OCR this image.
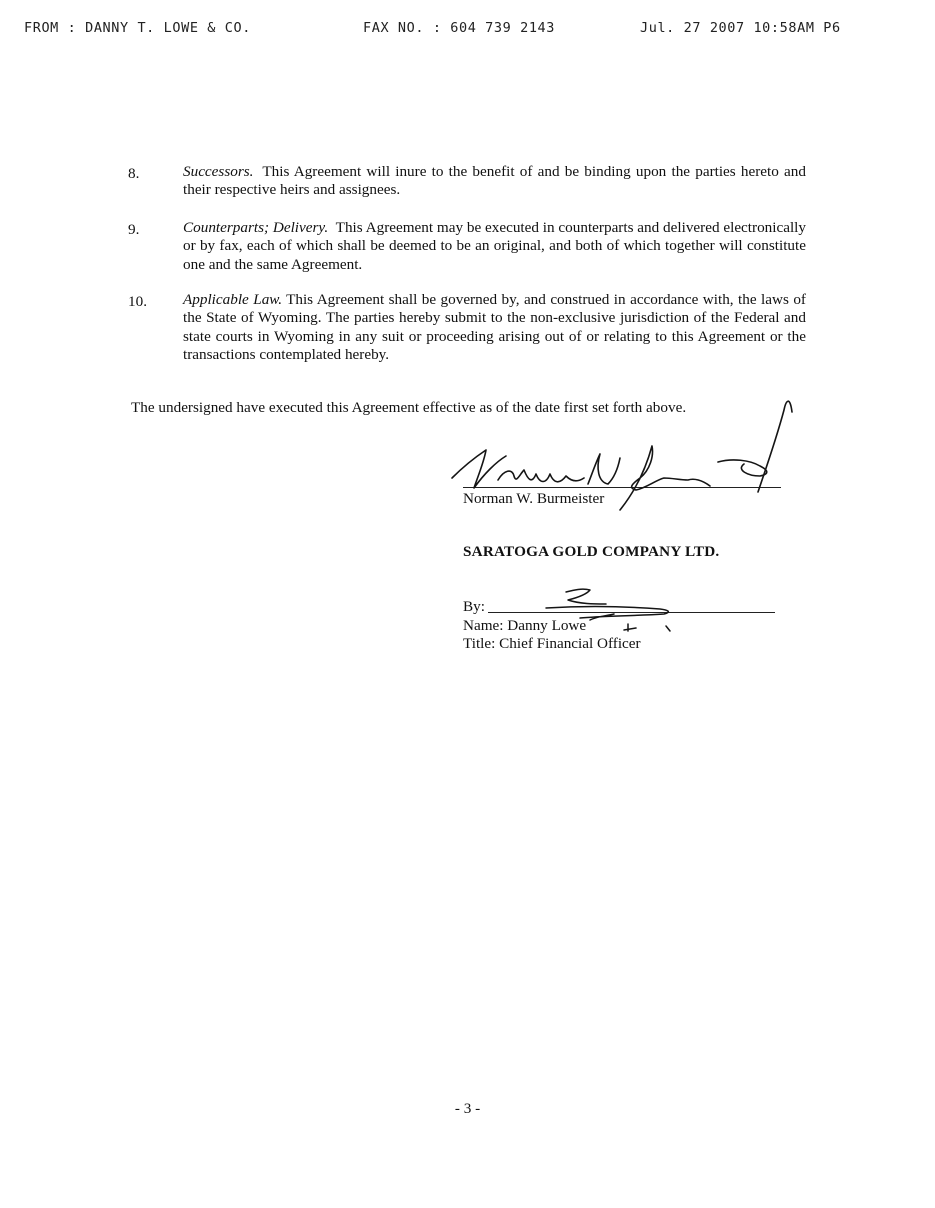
FROM : DANNY T. LOWE & CO.	FAX NO. : 604 739 2143	Jul. 27 2007 10:58AM P6
8.	Successors. This Agreement will inure to the benefit of and be binding upon the parties hereto and their respective heirs and assignees.
9.	Counterparts; Delivery. This Agreement may be executed in counterparts and delivered electronically or by fax, each of which shall be deemed to be an original, and both of which together will constitute one and the same Agreement.
10. Applicable Law. This Agreement shall be governed by, and construed in accordance with, the laws of the State of Wyoming. The parties hereby submit to the non-exclusive jurisdiction of the Federal and state courts in Wyoming in any suit or proceeding arising out of or relating to this Agreement or the transactions contemplated hereby.
The undersigned have executed this Agreement effective as of the date first set forth above.
Norman W. Burmeister
SARATOGA GOLD COMPANY LTD.
By:
Name: Danny Lowe
Title: Chief Financial Officer
- 3 -
